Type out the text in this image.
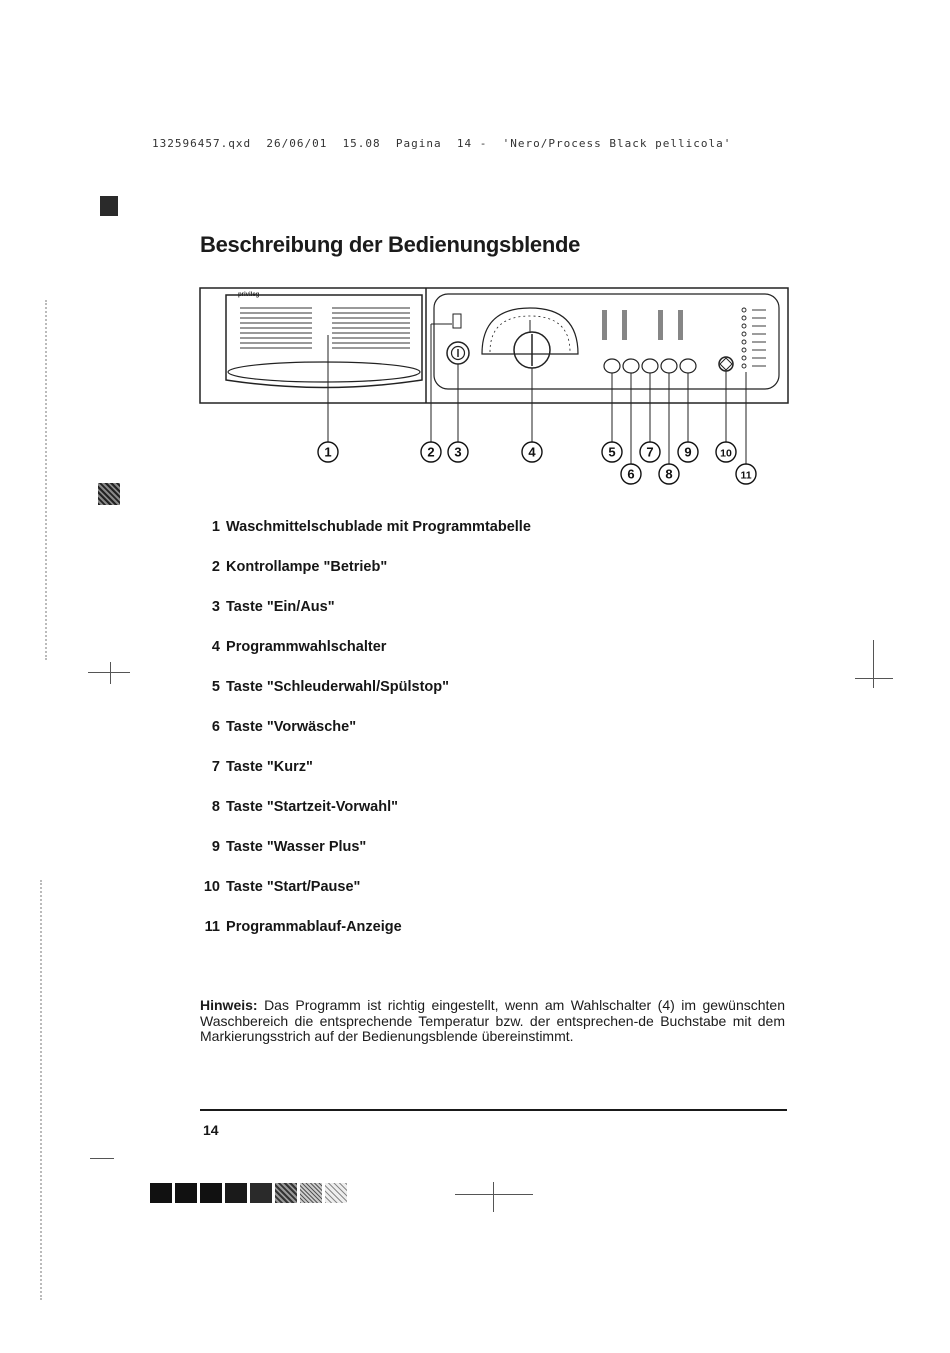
132596457.qxd  26/06/01  15.08  Pagina  14 -  'Nero/Process Black pellicola'
Beschreibung der Bedienungsblende
privileg
1	2 3	4	5
6
7
8
9	10
11
1 Waschmittelschublade mit Programmtabelle
2 Kontrollampe "Betrieb"
3 Taste "Ein/Aus"
4 Programmwahlschalter
5 Taste "Schleuderwahl/Spülstop"
6 Taste "Vorwäsche"
7 Taste "Kurz"
8 Taste "Startzeit-Vorwahl"
9 Taste "Wasser Plus"
10 Taste "Start/Pause"
11 Programmablauf-Anzeige

Hinweis: Das Programm ist richtig eingestellt, wenn am Wahlschalter (4) im gewünschten Waschbereich die entsprechende Temperatur bzw. der entsprechen-de Buchstabe mit dem Markierungsstrich auf der Bedienungsblende übereinstimmt.

14
